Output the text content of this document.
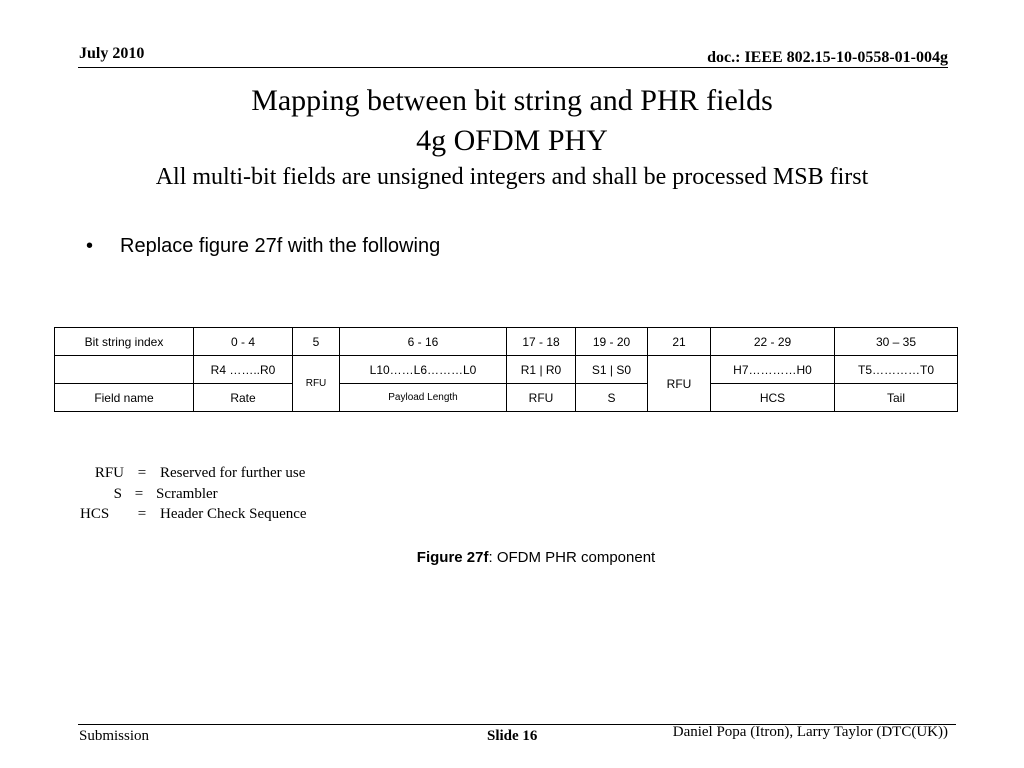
July 2010	doc.: IEEE 802.15-10-0558-01-004g
Mapping between bit string and PHR fields
4g OFDM PHY
All multi-bit fields are unsigned integers and shall be processed MSB first
•	Replace figure 27f with the following
Bit string index	0 - 4	5	6 - 16	17 - 18	19 - 20	21	22 - 29	30 – 35
	R4 ……..R0	RFU	L10……L6………L0	R1 | R0	S1 | S0	RFU	H7…………H0	T5…………T0
Field name	Rate		Payload Length	RFU	S		HCS	Tail
RFU = Reserved for further use
S = Scrambler
HCS	= Header Check Sequence
Figure 27f: OFDM PHR component
Submission	Slide 16	Daniel Popa (Itron), Larry Taylor (DTC(UK))
